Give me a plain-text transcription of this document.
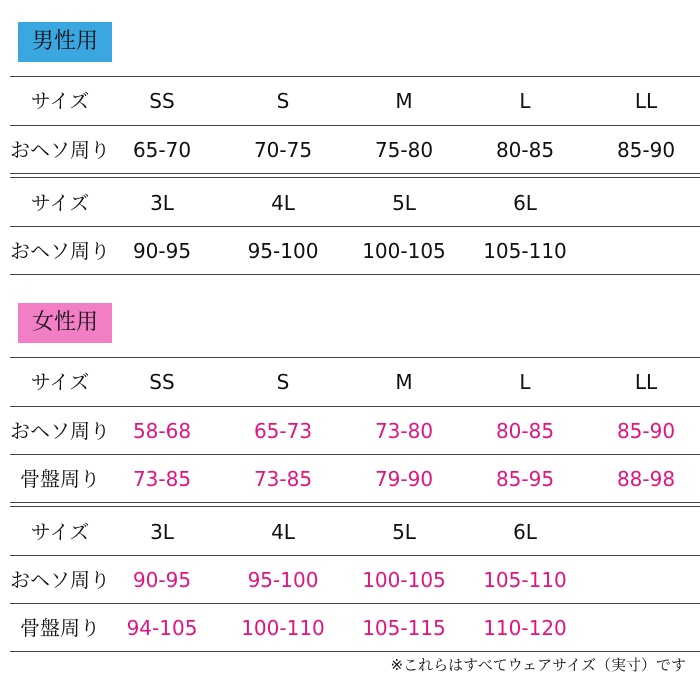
男性用
サイズ	SS	S	M	L	LL
おヘソ周り	65-70	70-75	75-80	80-85	85-90
サイズ	3L	4L	5L	6L
おヘソ周り	90-95	95-100	100-105	105-110
女性用
サイズ	SS	S	M	L	LL
おヘソ周り	58-68	65-73	73-80	80-85	85-90
骨盤周り	73-85	73-85	79-90	85-95	88-98
サイズ	3L	4L	5L	6L
おヘソ周り	90-95	95-100	100-105	105-110
骨盤周り	94-105	100-110	105-115	110-120
※これらはすべてウェアサイズ（実寸）です
